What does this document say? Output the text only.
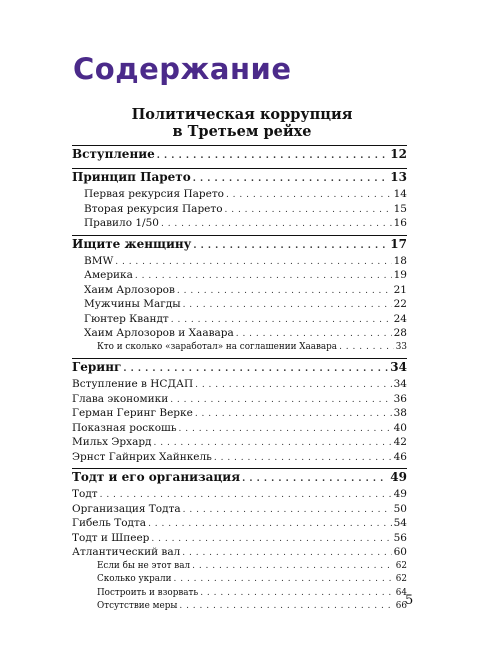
Содержание
Политическая коррупция
в Третьем рейхе
Вступление . . .	12
Принцип Парето . . .	13
Первая рекурсия Парето . . .	14
Вторая рекурсия Парето . . .	15
Правило 1/50 . . .	16
Ищите женщину . . .	17
BMW . . .	18
Америка . . .	19
Хаим Арлозоров . . .	21
Мужчины Магды . . .	22
Гюнтер Квандт . . .	24
Хаим Арлозоров и Хаавара . . .	28
Кто и сколько «заработал» на соглашении Хаавара . . .	33
Геринг . . .	34
Вступление в НСДАП . . .	34
Глава экономики . . .	36
Герман Геринг Верке . . .	38
Показная роскошь . . .	40
Мильх Эрхард . . .	42
Эрнст Гайнрих Хайнкель . . .	46
Тодт и его организация . . .	49
Тодт . . .	49
Организация Тодта . . .	50
Гибель Тодта . . .	54
Тодт и Шпеер . . .	56
Атлантический вал . . .	60
Если бы не этот вал . . .	62
Сколько украли . . .	62
Построить и взорвать . . .	64
Отсутствие меры . . .	66
5
